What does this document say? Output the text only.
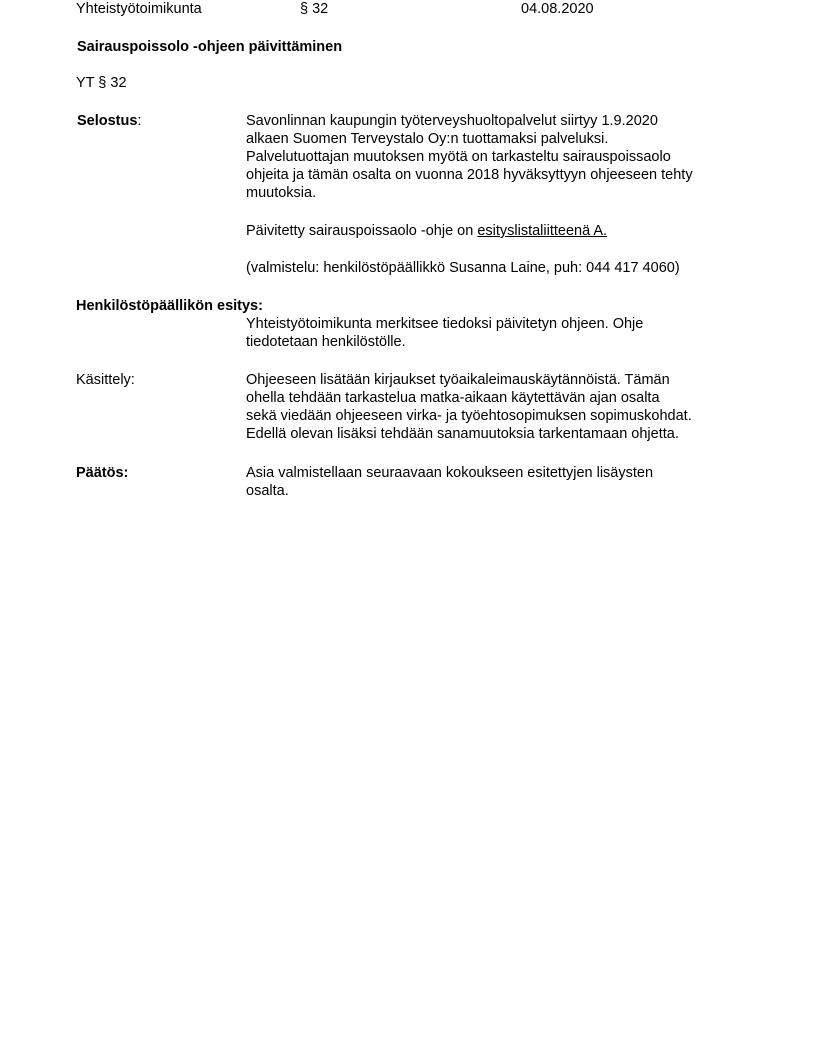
Yhteistyötoimikunta	§ 32	04.08.2020
Sairauspoissolo -ohjeen päivittäminen
YT § 32
Selostus:	Savonlinnan kaupungin työterveyshuoltopalvelut siirtyy 1.9.2020

alkaen Suomen Terveystalo Oy:n tuottamaksi palveluksi.

Palvelutuottajan muutoksen myötä on tarkasteltu sairauspoissaolo

ohjeita ja tämän osalta on vuonna 2018 hyväksyttyyn ohjeeseen tehty

muutoksia.

Päivitetty sairauspoissaolo -ohje on esityslistaliitteenä A.
(valmistelu: henkilöstöpäällikkö Susanna Laine, puh: 044 417 4060)
Henkilöstöpäällikön esitys:

Yhteistyötoimikunta merkitsee tiedoksi päivitetyn ohjeen. Ohje

tiedotetaan henkilöstölle.

Käsittely:	Ohjeeseen lisätään kirjaukset työaikaleimauskäytännöistä. Tämän

ohella tehdään tarkastelua matka-aikaan käytettävän ajan osalta

sekä viedään ohjeeseen virka- ja työehtosopimuksen sopimuskohdat.

Edellä olevan lisäksi tehdään sanamuutoksia tarkentamaan ohjetta.

Päätös:	Asia valmistellaan seuraavaan kokoukseen esitettyjen lisäysten

osalta.
